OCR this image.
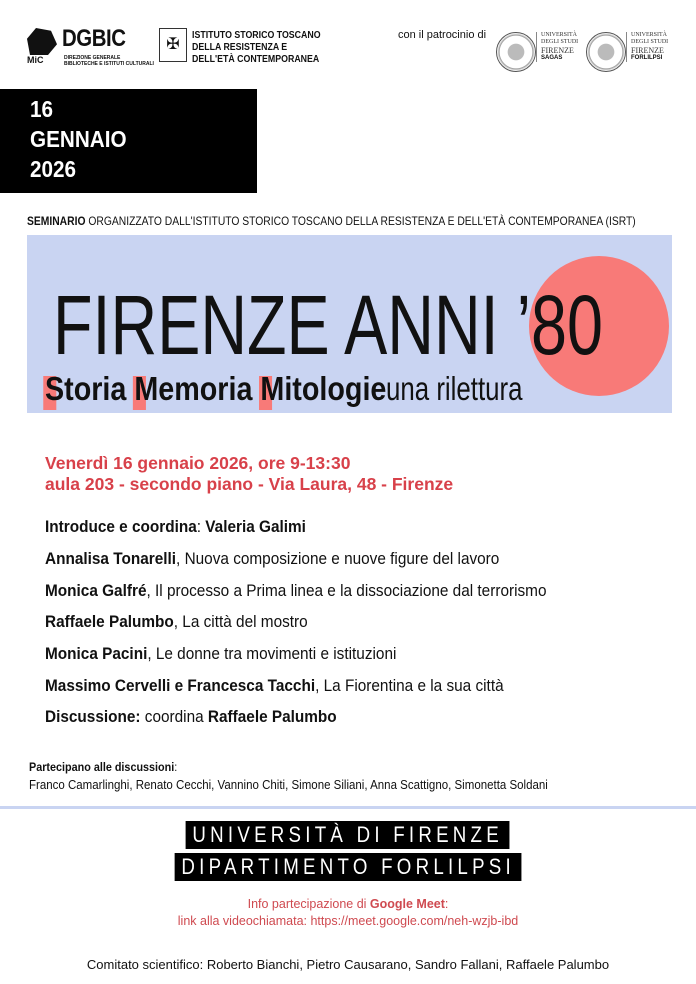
MiC
DGBIC
DIREZIONE GENERALE
BIBLIOTECHE E ISTITUTI CULTURALI
✠
ISTITUTO STORICO TOSCANO
DELLA RESISTENZA E
DELL'ETÀ CONTEMPORANEA
con il patrocinio di	UNIVERSITÀ
DEGLI STUDI
FIRENZE
SAGAS
UNIVERSITÀ
DEGLI STUDI
FIRENZE
FORLILPSI
16
GENNAIO
2026
SEMINARIO ORGANIZZATO DALL'ISTITUTO STORICO TOSCANO DELLA RESISTENZA E DELL'ETÀ CONTEMPORANEA (ISRT)
FIRENZE ANNI ’80
Storia Memoria Mitologieuna rilettura
Venerdì 16 gennaio 2026, ore 9-13:30
aula 203 - secondo piano - Via Laura, 48 - Firenze
Introduce e coordina: Valeria Galimi
Annalisa Tonarelli, Nuova composizione e nuove figure del lavoro
Monica Galfré, Il processo a Prima linea e la dissociazione dal terrorismo
Raffaele Palumbo, La città del mostro
Monica Pacini, Le donne tra movimenti e istituzioni
Massimo Cervelli e Francesca Tacchi, La Fiorentina e la sua città
Discussione: coordina Raffaele Palumbo
Partecipano alle discussioni:
Franco Camarlinghi, Renato Cecchi, Vannino Chiti, Simone Siliani, Anna Scattigno, Simonetta Soldani
UNIVERSITÀ DI FIRENZE
DIPARTIMENTO FORLILPSI
Info partecipazione di Google Meet:
link alla videochiamata: https://meet.google.com/neh-wzjb-ibd
Comitato scientifico: Roberto Bianchi, Pietro Causarano, Sandro Fallani, Raffaele Palumbo
